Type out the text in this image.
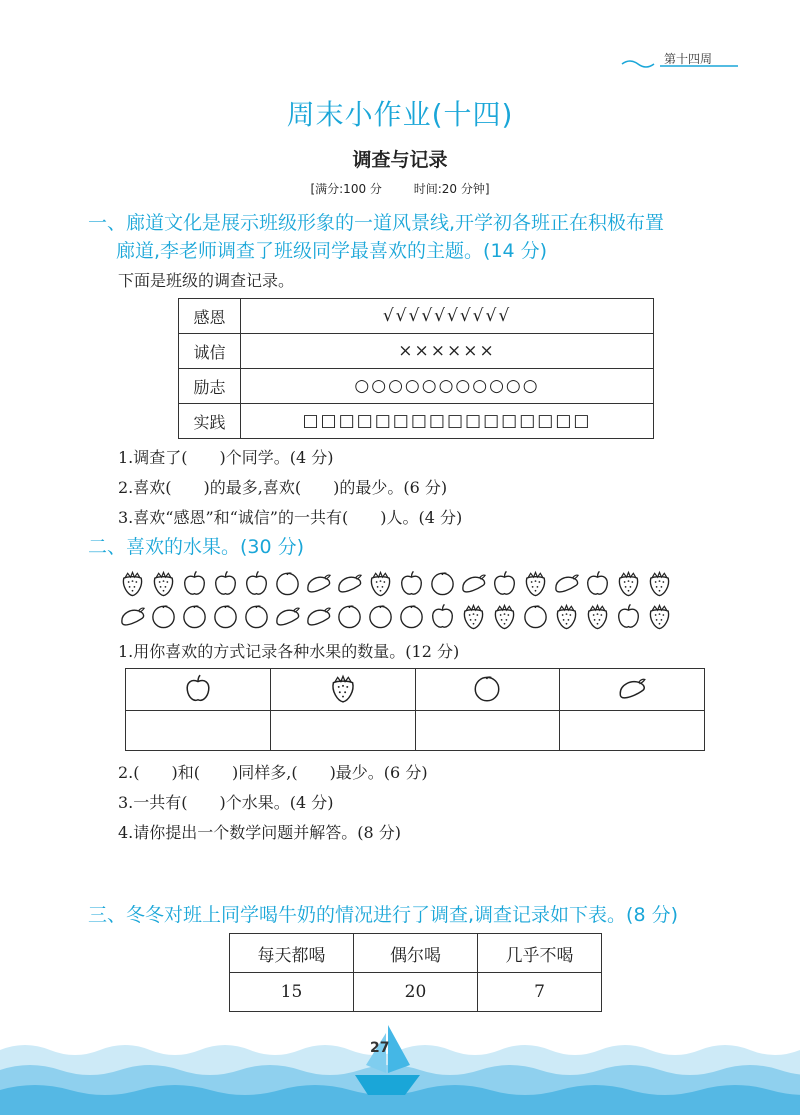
第十四周
周末小作业(十四)
调查与记录
[满分:100 分	时间:20 分钟]
一、廊道文化是展示班级形象的一道风景线,开学初各班正在积极布置
廊道,李老师调查了班级同学最喜欢的主题。(14 分)
下面是班级的调查记录。
感恩	√√√√√√√√√√
诚信	××××××
励志	○○○○○○○○○○○
实践	□□□□□□□□□□□□□□□□
1.调查了(　　)个同学。(4 分)
2.喜欢(　　)的最多,喜欢(　　)的最少。(6 分)
3.喜欢“感恩”和“诚信”的一共有(　　)人。(4 分)
二、喜欢的水果。(30 分)
1.用你喜欢的方式记录各种水果的数量。(12 分)

2.(　　)和(　　)同样多,(　　)最少。(6 分)
3.一共有(　　)个水果。(4 分)
4.请你提出一个数学问题并解答。(8 分)
三、冬冬对班上同学喝牛奶的情况进行了调查,调查记录如下表。(8 分)
每天都喝	偶尔喝	几乎不喝
15	20	7
27
